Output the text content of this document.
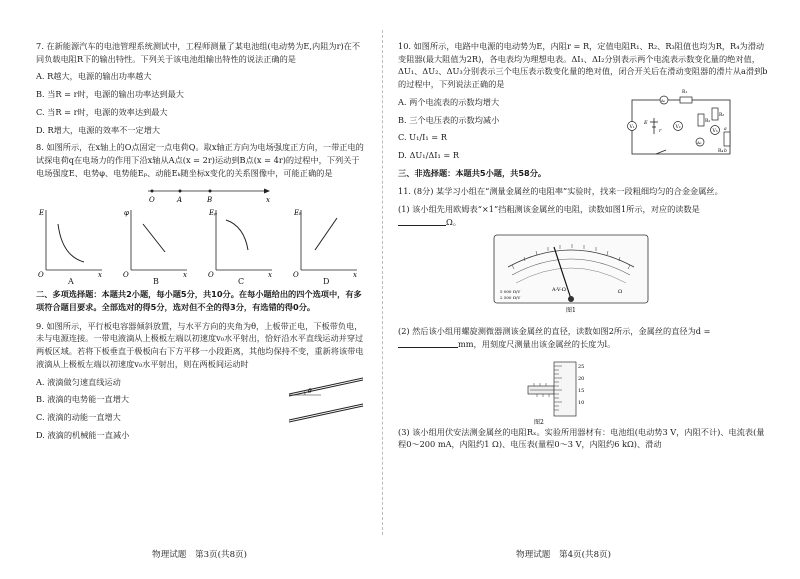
7. 在新能源汽车的电池管理系统测试中，工程师测量了某电池组(电动势为E,内阻为r)在不同负载电阻R下的输出特性。下列关于该电池组输出特性的说法正确的是

A. R越大，电源的输出功率越大

B. 当R = r时，电源的输出功率达到最大

C. 当R = r时，电源的效率达到最大

D. R增大，电源的效率不一定增大

8. 如图所示，在x轴上的O点固定一点电荷Q。取x轴正方向为电场强度正方向，一带正电的试探电荷q在电场力的作用下沿x轴从A点(x = 2r)运动到B点(x = 4r)的过程中，下列关于电场强度E、电势φ、电势能Eₚ、动能Eₖ随坐标x变化的关系图像中，可能正确的是

O	A	B	x
E
x
O
A
φ
x
O
B
Eₚ
x
O
C
Eₖ
x
O
D

二、多项选择题：本题共2小题，每小题5分，共10分。在每小题给出的四个选项中，有多项符合题目要求。全部选对的得5分，选对但不全的得3分，有选错的得0分。

9. 如图所示，平行板电容器倾斜放置，与水平方向的夹角为θ，上板带正电，下板带负电，未与电源连接。一带电液滴从上极板左端以初速度v₀水平射出，恰好沿水平直线运动并穿过两板区域。若将下板垂直于极板向右下方平移一小段距离，其他均保持不变，重新将该带电液滴从上极板左端以初速度v₀水平射出，则在两板间运动时

A. 液滴做匀速直线运动

B. 液滴的电势能一直增大

C. 液滴的动能一直增大

D. 液滴的机械能一直减小

θ
物理试题　第3页(共8页)

10. 如图所示，电路中电源的电动势为E，内阻r = R，定值电阻R₁、R₂、R₃阻值也均为R，R₄为滑动变阻器(最大阻值为2R)，各电表均为理想电表。ΔI₁、ΔI₂分别表示两个电流表示数变化量的绝对值，ΔU₁、ΔU₂、ΔU₃分别表示三个电压表示数变化量的绝对值，闭合开关后在滑动变阻器的滑片从a滑到b的过程中，下列说法正确的是

A. 两个电流表的示数均增大

B. 三个电压表的示数均减小

C. U₁/I₁ = R

D. ΔU₁/ΔI₁ = R

A₁
R₁
V₁
E
r
V₂
R₂
R₃
V₃
R₄
A₂
a
b

三、非选择题：本题共5小题，共58分。

11. (8分) 某学习小组在“测量金属丝的电阻率”实验时，找来一段粗细均匀的合金金属丝。

(1) 该小组先用欧姆表“×1”挡粗测该金属丝的电阻，读数如图1所示，对应的读数是
Ω。

5 000 Ω/V
2 500 Ω/V
A-V-Ω	Ω
图1

(2) 然后该小组用螺旋测微器测该金属丝的直径，读数如图2所示，金属丝的直径为d =
mm，用刻度尺测量出该金属丝的长度为l。

25
20
15
10
图2

(3) 该小组用伏安法测金属丝的电阻Rₓ。实验所用器材有：电池组(电动势3 V，内阻不计)、电流表(量程0～200 mA，内阻约1 Ω)、电压表(量程0～3 V，内阻约6 kΩ)、滑动

物理试题　第4页(共8页)
